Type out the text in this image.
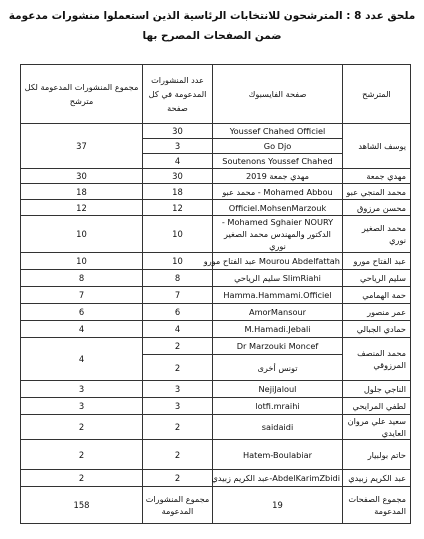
ملحق عدد 8 : المترشحون للانتخابات الرئاسية الذين استعملوا منشورات مدعومة ضمن الصفحات المصرح بها
المترشح	صفحة الفايسبوك	عدد المنشورات المدعومة في كل صفحة	مجموع المنشورات المدعومة لكل مترشح
يوسف الشاهد	Youssef Chahed Officiel	30	37
	Go Djo	3	
	Soutenons Youssef Chahed	4	
مهدي جمعة	مهدي جمعة 2019	30	30
محمد المنجي عبو	Mohamed Abbou - محمد عبو	18	18
محسن مرزوق	Officiel.MohsenMarzouk	12	12
محمد الصغير نوري	Mohamed Sghaier NOURY - الدكتور والمهندس محمد الصغير نوري	10	10
عبد الفتاح مورو	Mourou Abdelfattah عبد الفتاح مورو	10	10
سليم الرياحي	SlimRiahi سليم الرياحي	8	8
حمة الهمامي	Hamma.Hammami.Officiel	7	7
عمر منصور	AmorMansour	6	6
حمادي الجبالي	M.Hamadi.Jebali	4	4
محمد المنصف المرزوقي	Dr Marzouki Moncef	2	4
	تونس أخرى	2	
الناجي جلول	NejiJaloul	3	3
لطفي المرايحي	lotfi.mraihi	3	3
سعيد علي مروان العايدي	saidaidi	2	2
حاتم بولبيار	Hatem-Boulabiar	2	2
عبد الكريم زبيدي	AbdelKarimZbidi-عبد الكريم زبيدي	2	2
مجموع الصفحات المدعومة	19	مجموع المنشورات المدعومة	158
